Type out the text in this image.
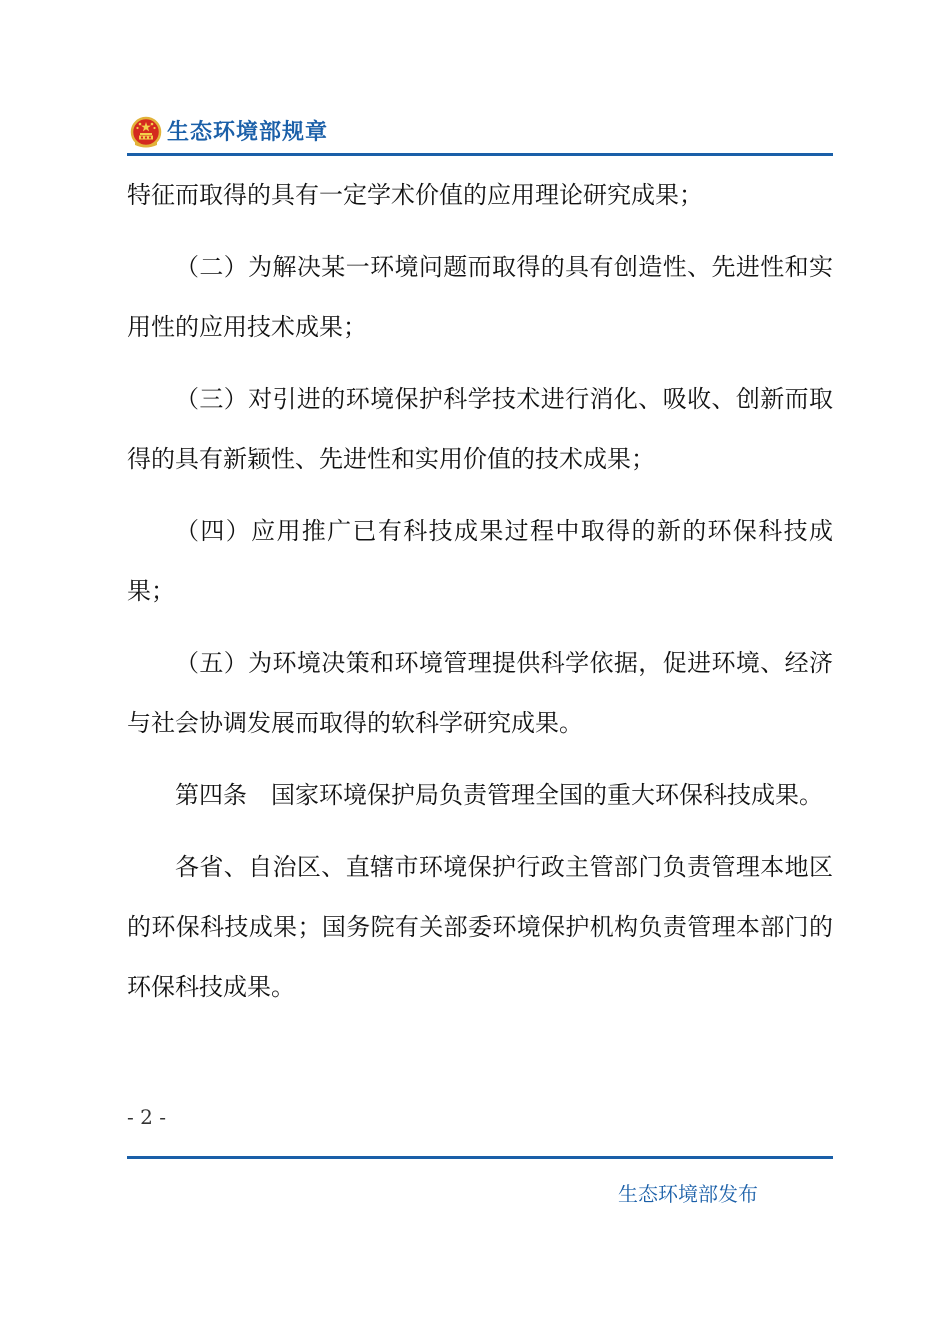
生态环境部规章

特征而取得的具有一定学术价值的应用理论研究成果；

（二）为解决某一环境问题而取得的具有创造性、先进性和实用性的应用技术成果；

（三）对引进的环境保护科学技术进行消化、吸收、创新而取得的具有新颖性、先进性和实用价值的技术成果；

（四）应用推广已有科技成果过程中取得的新的环保科技成果；

（五）为环境决策和环境管理提供科学依据，促进环境、经济与社会协调发展而取得的软科学研究成果。

第四条　国家环境保护局负责管理全国的重大环保科技成果。

各省、自治区、直辖市环境保护行政主管部门负责管理本地区的环保科技成果；国务院有关部委环境保护机构负责管理本部门的环保科技成果。

- 2 -
生态环境部发布
